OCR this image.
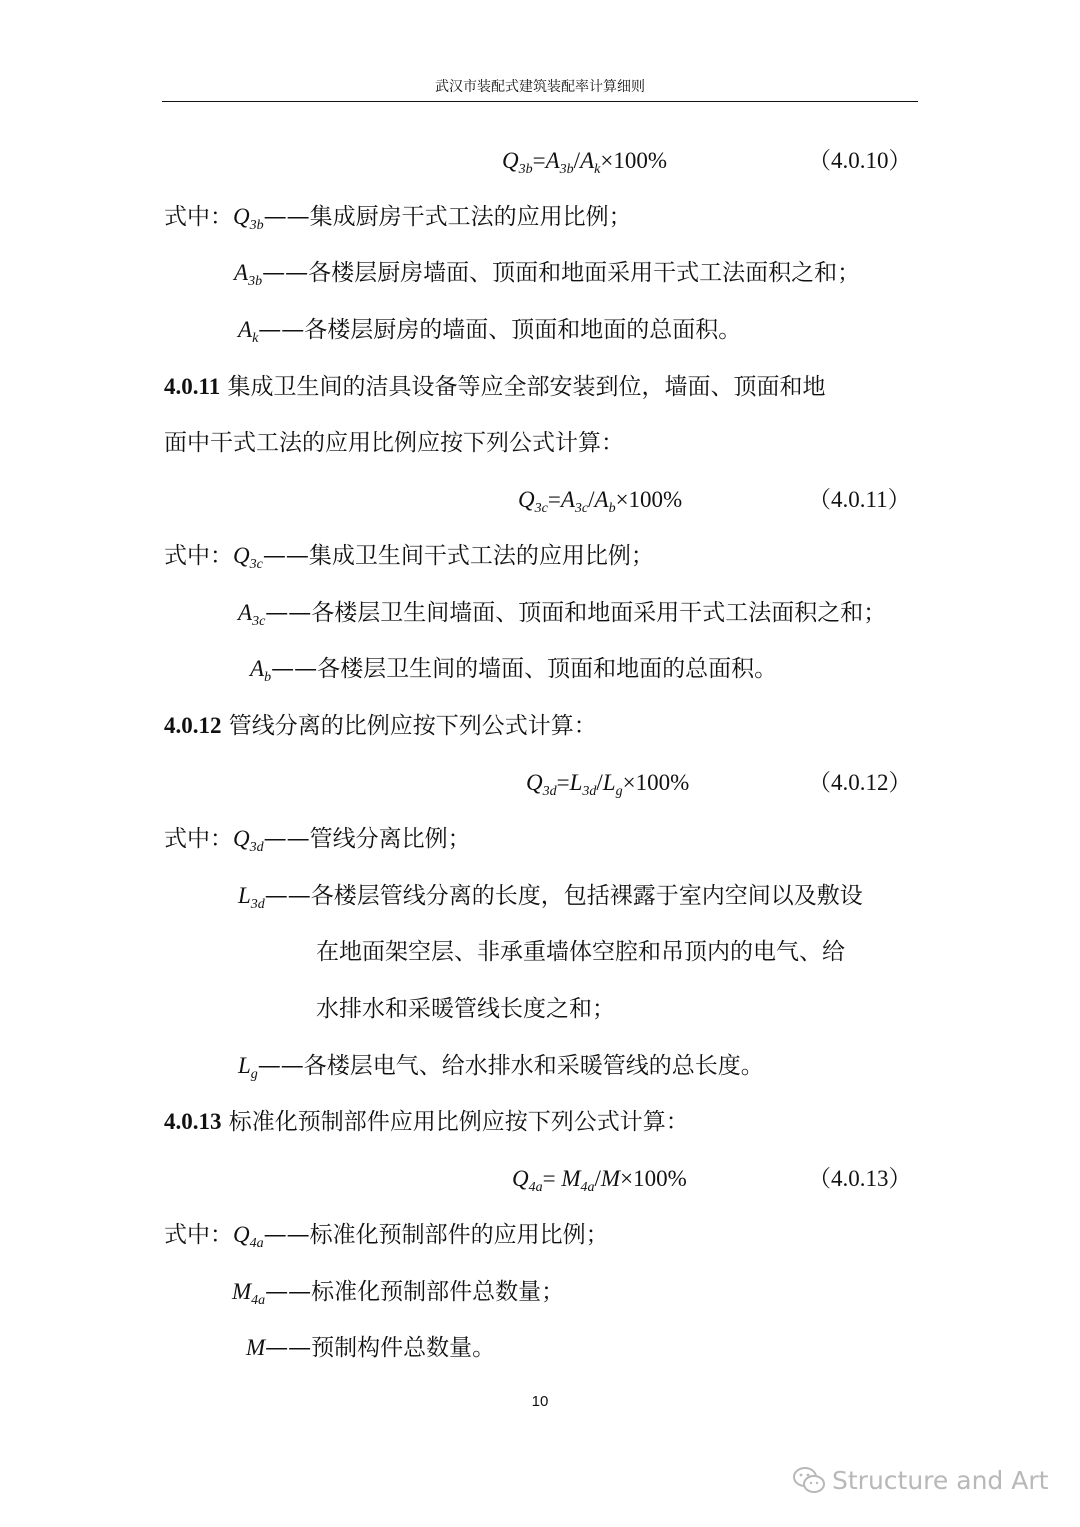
武汉市装配式建筑装配率计算细则
$Q_{3b}=A_{3b}/A_k\times 100\%$	（4.0.10）
式中：$Q_{3b}——$集成厨房干式工法的应用比例；
$A_{3b}——$各楼层厨房墙面、顶面和地面采用干式工法面积之和；
$A_k——$各楼层厨房的墙面、顶面和地面的总面积。
4.0.11 集成卫生间的洁具设备等应全部安装到位，墙面、顶面和地
面中干式工法的应用比例应按下列公式计算：
$Q_{3c}=A_{3c}/A_b\times 100\%$	（4.0.11）
式中：$Q_{3c}——$集成卫生间干式工法的应用比例；
$A_{3c}——$各楼层卫生间墙面、顶面和地面采用干式工法面积之和；
$A_b——$各楼层卫生间的墙面、顶面和地面的总面积。
4.0.12 管线分离的比例应按下列公式计算：
$Q_{3d}=L_{3d}/L_g\times 100\%$	（4.0.12）
式中：$Q_{3d}——$管线分离比例；
$L_{3d}——$各楼层管线分离的长度，包括裸露于室内空间以及敷设
在地面架空层、非承重墙体空腔和吊顶内的电气、给
水排水和采暖管线长度之和；
$L_g——$各楼层电气、给水排水和采暖管线的总长度。
4.0.13 标准化预制部件应用比例应按下列公式计算：
$Q_{4a}= M_{4a}/M\times 100\%$	（4.0.13）
式中：$Q_{4a}——$标准化预制部件的应用比例；
$M_{4a}——$标准化预制部件总数量；
M——预制构件总数量。
10
Structure and Art
